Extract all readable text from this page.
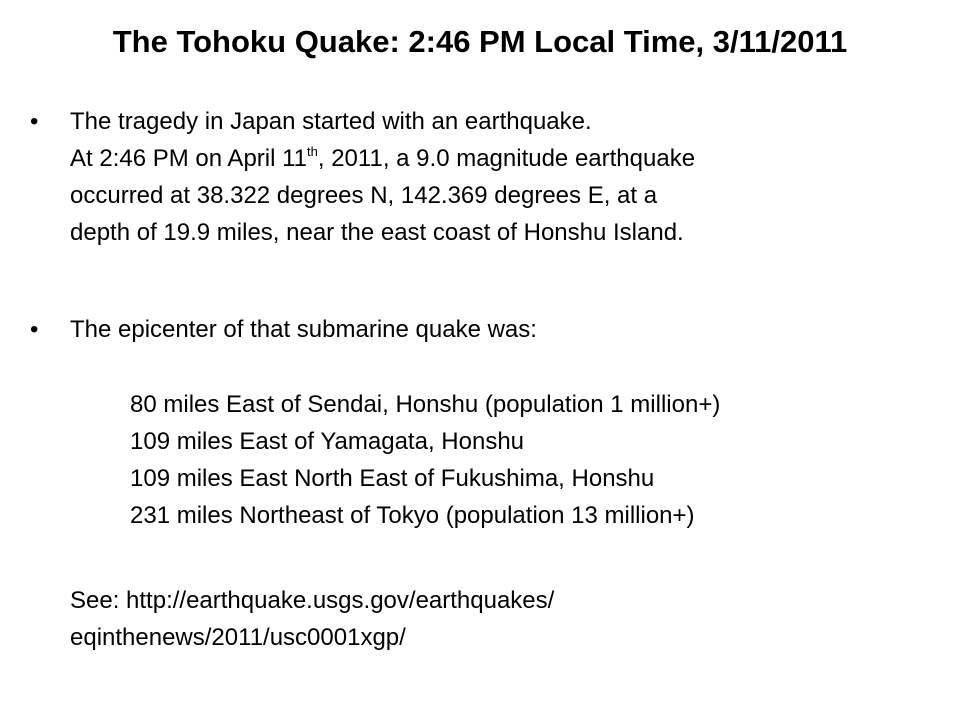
The Tohoku Quake: 2:46 PM Local Time, 3/11/2011
•	The tragedy in Japan started with an earthquake.
At 2:46 PM on April 11th, 2011, a 9.0 magnitude earthquake
occurred at 38.322 degrees N, 142.369 degrees E, at a
depth of 19.9 miles, near the east coast of Honshu Island.
•	The epicenter of that submarine quake was:
80 miles East of Sendai, Honshu (population 1 million+)
109 miles East of Yamagata, Honshu
109 miles East North East of Fukushima, Honshu
231 miles Northeast of Tokyo (population 13 million+)
See: http://earthquake.usgs.gov/earthquakes/
eqinthenews/2011/usc0001xgp/
